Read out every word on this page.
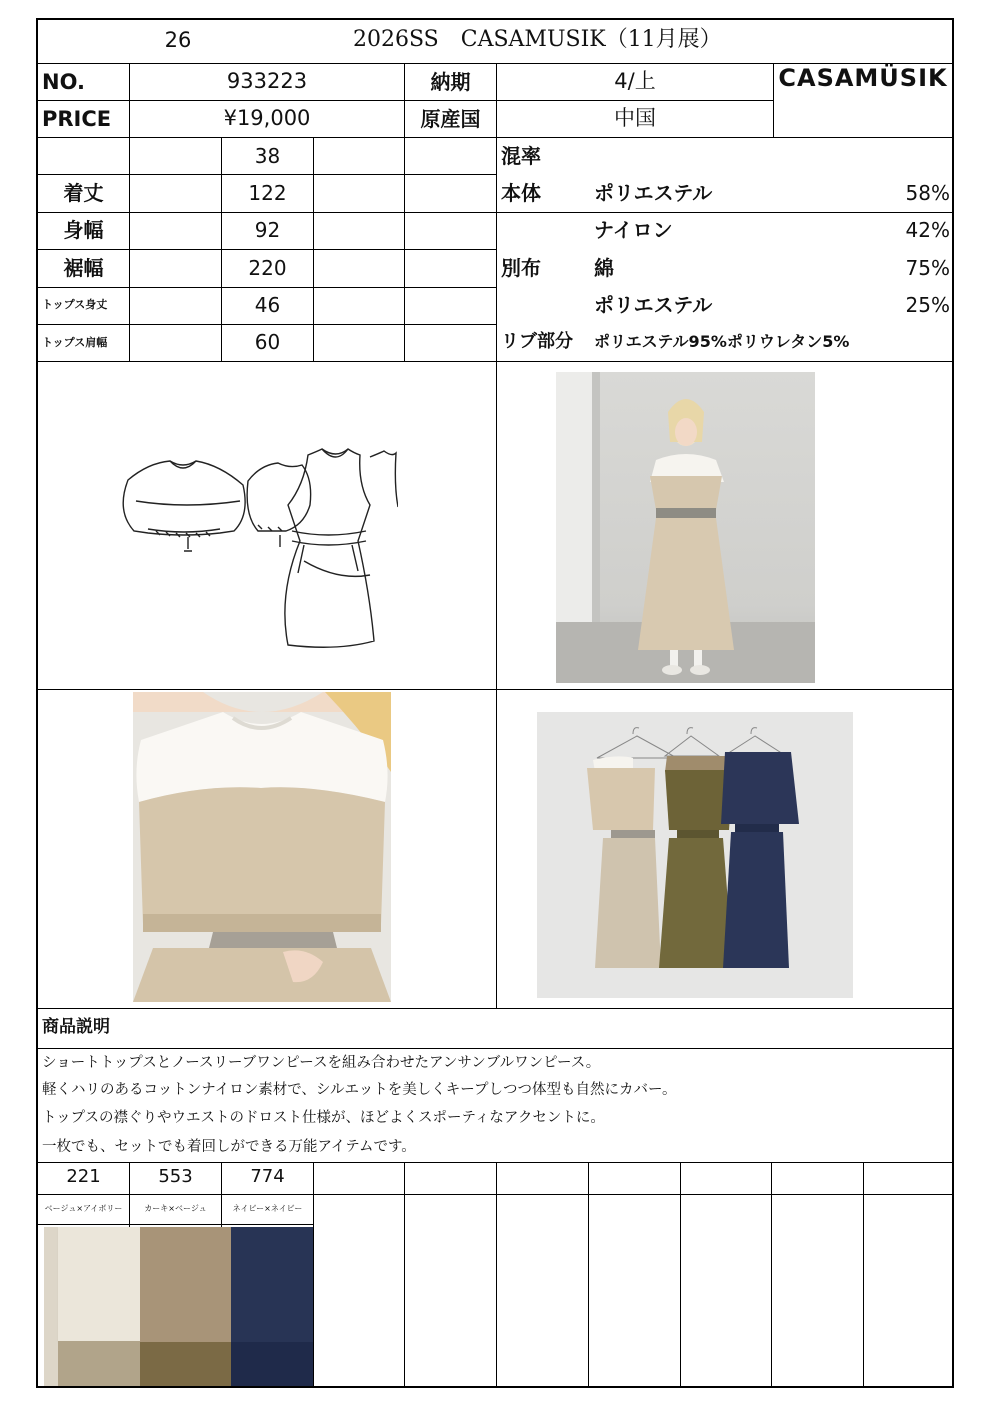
26	2026SS　CASAMUSIK（11月展）
CASAMÜSIK
NO.	933223
PRICE	¥19,000
納期	4/上
原産国	中国
38
着丈	122
身幅	92
裾幅	220
トップス身丈	46
トップス肩幅	60
混率
本体	ポリエステル	58%
ナイロン	42%
別布	綿	75%
ポリエステル	25%
リブ部分 ポリエステル95%ポリウレタン5%
商品説明
ショートトップスとノースリーブワンピースを組み合わせたアンサンブルワンピース。
軽くハリのあるコットンナイロン素材で、シルエットを美しくキープしつつ体型も自然にカバー。
トップスの襟ぐりやウエストのドロスト仕様が、ほどよくスポーティなアクセントに。
一枚でも、セットでも着回しができる万能アイテムです。
221	553	774
ベージュ×アイボリー	カーキ×ベージュ	ネイビー×ネイビー
